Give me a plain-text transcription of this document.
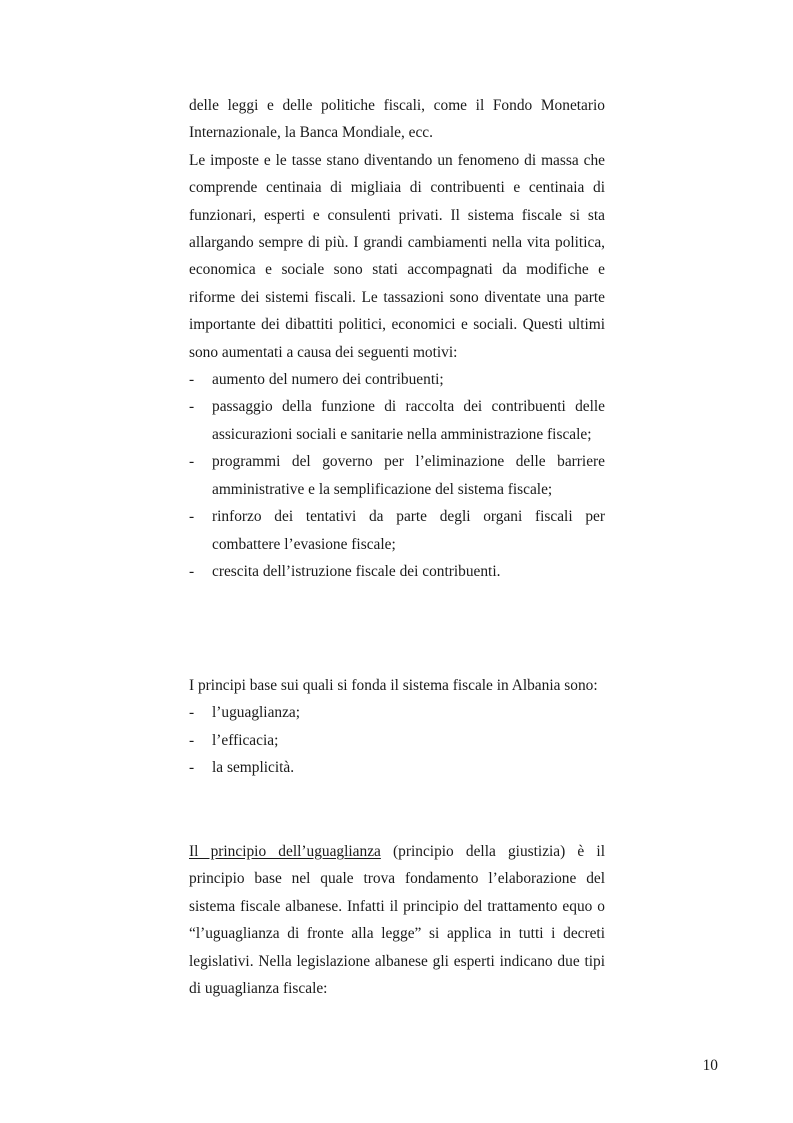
delle leggi e delle politiche fiscali, come il Fondo Monetario Internazionale, la Banca Mondiale, ecc.

Le imposte e le tasse stano diventando un fenomeno di massa che comprende centinaia di migliaia di contribuenti e centinaia di funzionari, esperti e consulenti privati. Il sistema fiscale si sta allargando sempre di più. I grandi cambiamenti nella vita politica, economica e sociale sono stati accompagnati da modifiche e riforme dei sistemi fiscali. Le tassazioni sono diventate una parte importante dei dibattiti politici, economici e sociali. Questi ultimi sono aumentati a causa dei seguenti motivi:

- aumento del numero dei contribuenti;
- passaggio della funzione di raccolta dei contribuenti delle assicurazioni sociali e sanitarie nella amministrazione fiscale;
- programmi del governo per l’eliminazione delle barriere amministrative e la semplificazione del sistema fiscale;
- rinforzo dei tentativi da parte degli organi fiscali per combattere l’evasione fiscale;
- crescita dell’istruzione fiscale dei contribuenti.

I principi base sui quali si fonda il sistema fiscale in Albania sono:

- l’uguaglianza;
- l’efficacia;
- la semplicità.

Il principio dell’uguaglianza (principio della giustizia) è il principio base nel quale trova fondamento l’elaborazione del sistema fiscale albanese. Infatti il principio del trattamento equo o “l’uguaglianza di fronte alla legge” si applica in tutti i decreti legislativi. Nella legislazione albanese gli esperti indicano due tipi di uguaglianza fiscale:

10
